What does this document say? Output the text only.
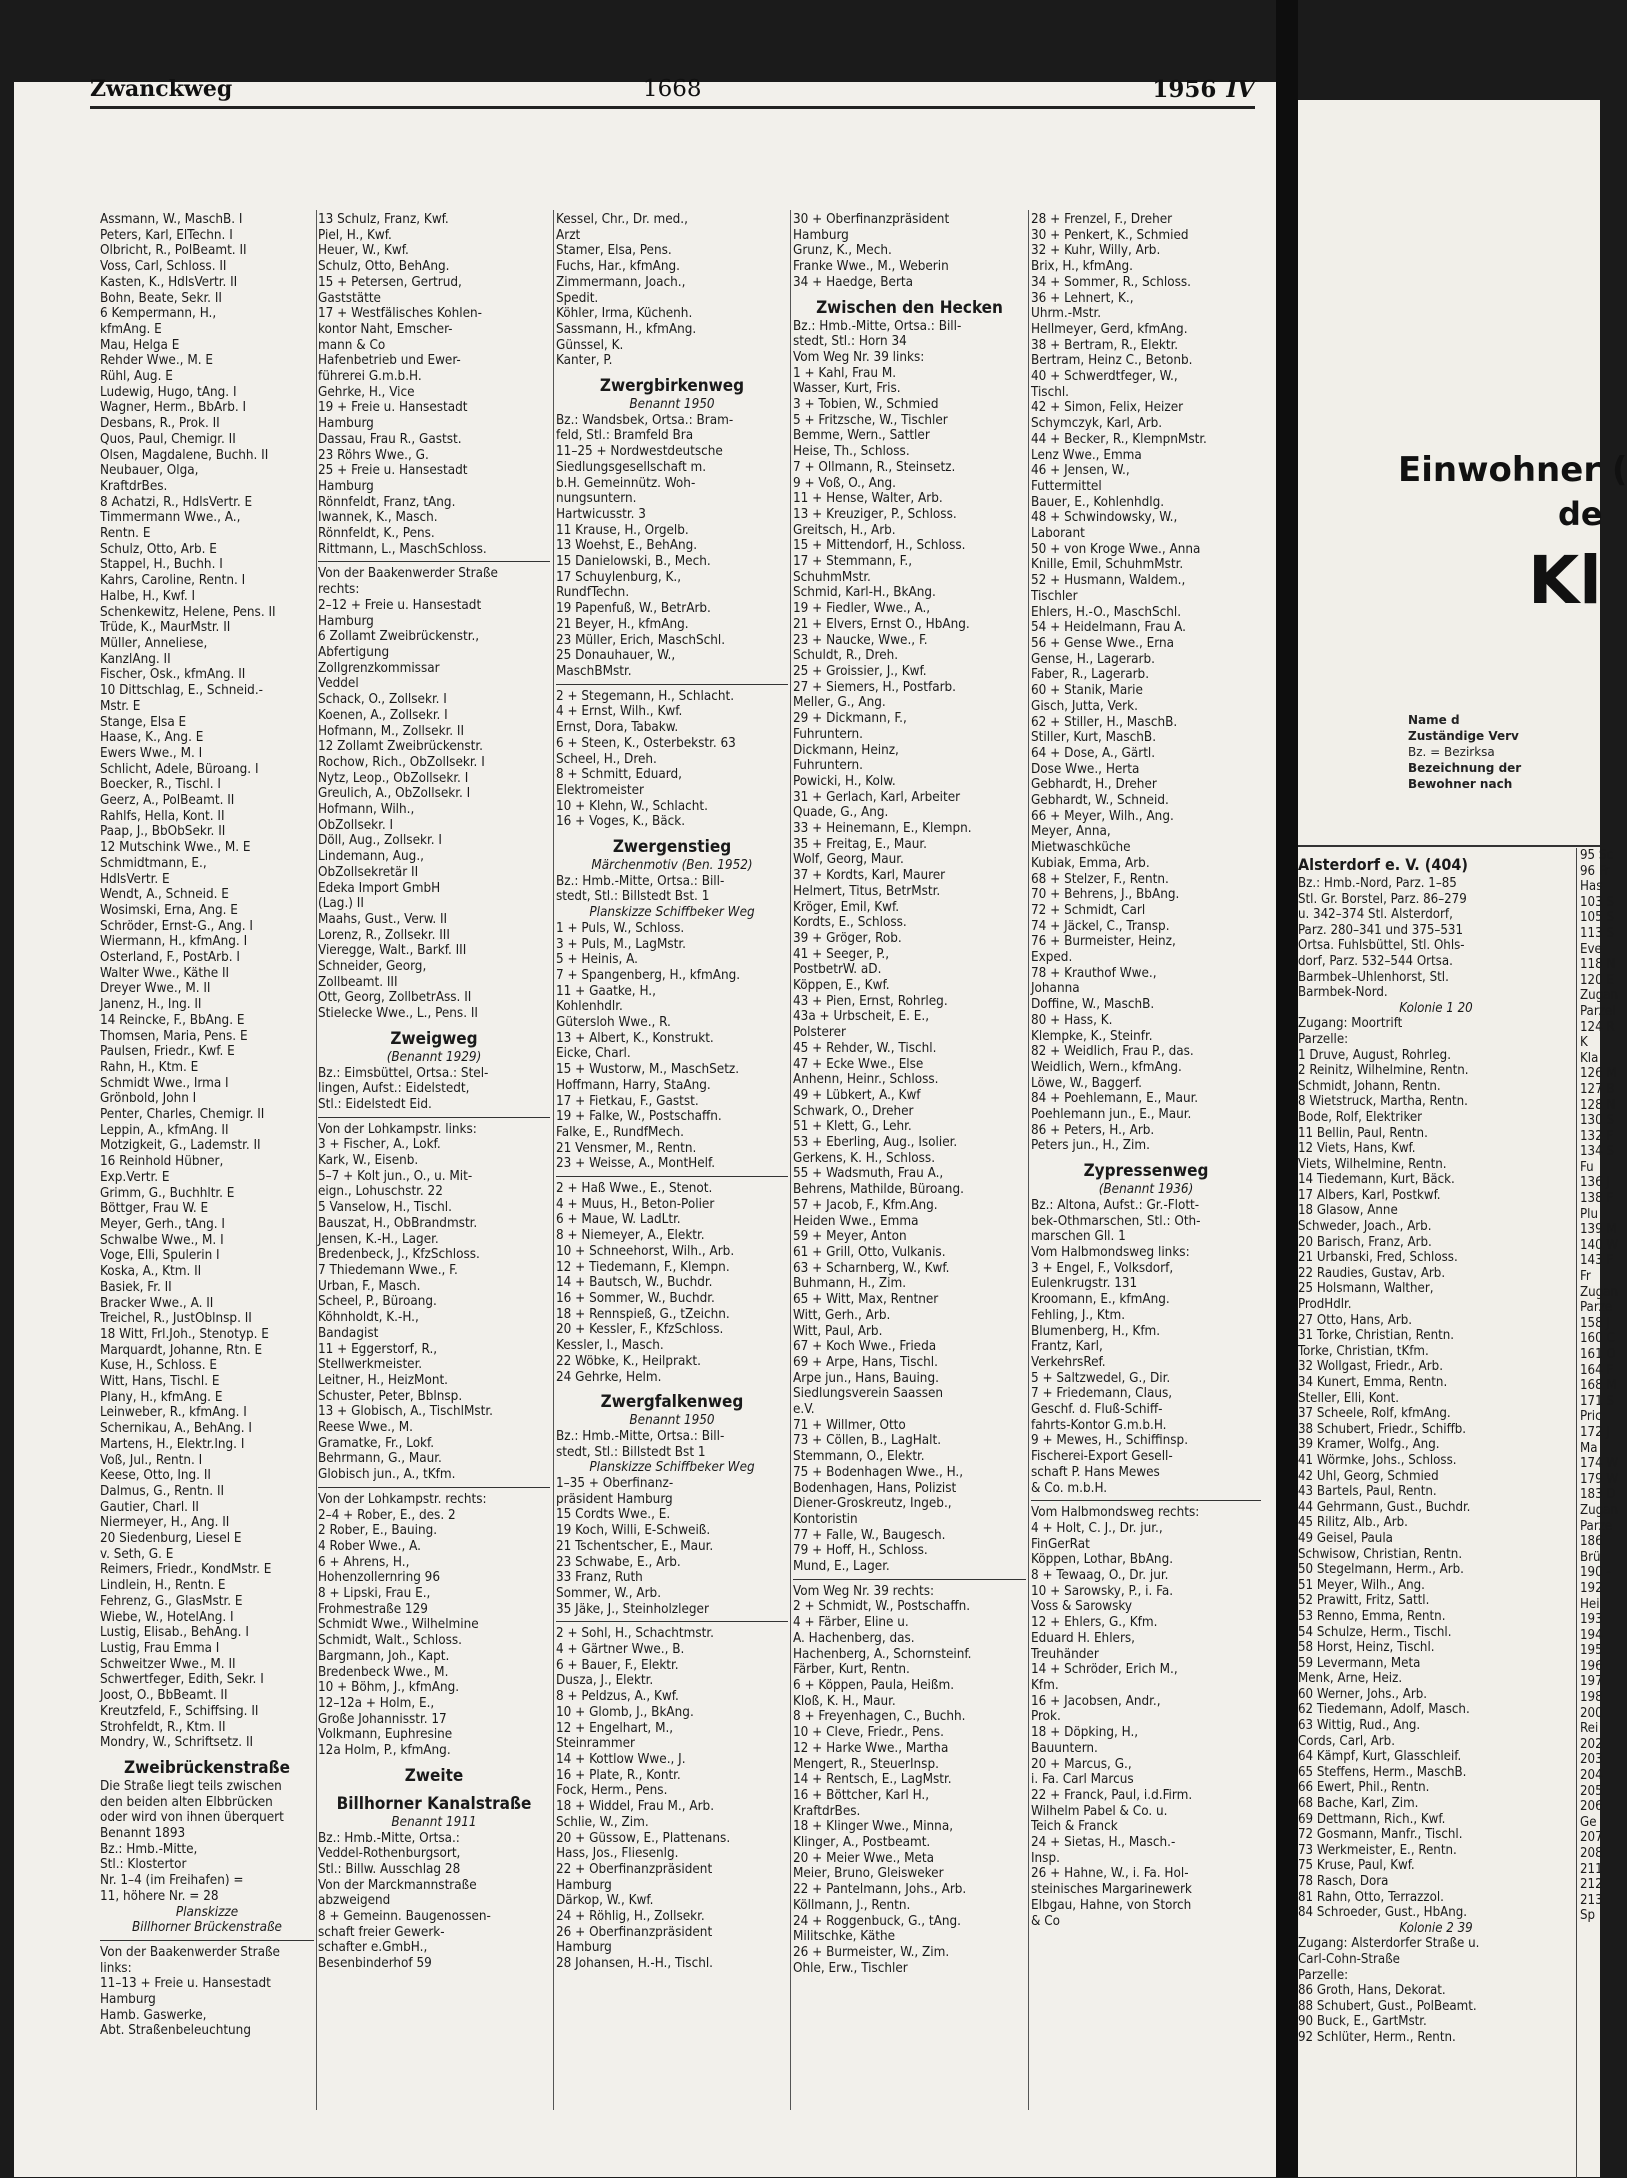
Zwanckweg	1668	1956 IV
Assmann, W., MaschB. I
Peters, Karl, ElTechn. I
Olbricht, R., PolBeamt. II
Voss, Carl, Schloss. II
Kasten, K., HdlsVertr. II
Bohn, Beate, Sekr. II
6 Kempermann, H.,
kfmAng. E
Mau, Helga E
Rehder Wwe., M. E
Rühl, Aug. E
Ludewig, Hugo, tAng. I
Wagner, Herm., BbArb. I
Desbans, R., Prok. II
Quos, Paul, Chemigr. II
Olsen, Magdalene, Buchh. II
Neubauer, Olga,
KraftdrBes.
8 Achatzi, R., HdlsVertr. E
Timmermann Wwe., A.,
Rentn. E
Schulz, Otto, Arb. E
Stappel, H., Buchh. I
Kahrs, Caroline, Rentn. I
Halbe, H., Kwf. I
Schenkewitz, Helene, Pens. II
Trüde, K., MaurMstr. II
Müller, Anneliese,
KanzlAng. II
Fischer, Osk., kfmAng. II
10 Dittschlag, E., Schneid.-
Mstr. E
Stange, Elsa E
Haase, K., Ang. E
Ewers Wwe., M. I
Schlicht, Adele, Büroang. I
Boecker, R., Tischl. I
Geerz, A., PolBeamt. II
Rahlfs, Hella, Kont. II
Paap, J., BbObSekr. II
12 Mutschink Wwe., M. E
Schmidtmann, E.,
HdlsVertr. E
Wendt, A., Schneid. E
Wosimski, Erna, Ang. E
Schröder, Ernst-G., Ang. I
Wiermann, H., kfmAng. I
Osterland, F., PostArb. I
Walter Wwe., Käthe II
Dreyer Wwe., M. II
Janenz, H., Ing. II
14 Reincke, F., BbAng. E
Thomsen, Maria, Pens. E
Paulsen, Friedr., Kwf. E
Rahn, H., Ktm. E
Schmidt Wwe., Irma I
Grönbold, John I
Penter, Charles, Chemigr. II
Leppin, A., kfmAng. II
Motzigkeit, G., Lademstr. II
16 Reinhold Hübner,
Exp.Vertr. E
Grimm, G., Buchhltr. E
Böttger, Frau W. E
Meyer, Gerh., tAng. I
Schwalbe Wwe., M. I
Voge, Elli, Spulerin I
Koska, A., Ktm. II
Basiek, Fr. II
Bracker Wwe., A. II
Treichel, R., JustOblnsp. II
18 Witt, Frl.Joh., Stenotyp. E
Marquardt, Johanne, Rtn. E
Kuse, H., Schloss. E
Witt, Hans, Tischl. E
Plany, H., kfmAng. E
Leinweber, R., kfmAng. I
Schernikau, A., BehAng. I
Martens, H., Elektr.Ing. I
Voß, Jul., Rentn. I
Keese, Otto, Ing. II
Dalmus, G., Rentn. II
Gautier, Charl. II
Niermeyer, H., Ang. II
20 Siedenburg, Liesel E
v. Seth, G. E
Reimers, Friedr., KondMstr. E
Lindlein, H., Rentn. E
Fehrenz, G., GlasMstr. E
Wiebe, W., HotelAng. I
Lustig, Elisab., BehAng. I
Lustig, Frau Emma I
Schweitzer Wwe., M. II
Schwertfeger, Edith, Sekr. I
Joost, O., BbBeamt. II
Kreutzfeld, F., Schiffsing. II
Strohfeldt, R., Ktm. II
Mondry, W., Schriftsetz. II
Zweibrückenstraße
Die Straße liegt teils zwischen
den beiden alten Elbbrücken
oder wird von ihnen überquert
Benannt 1893
Bz.: Hmb.-Mitte,
Stl.: Klostertor
Nr. 1–4 (im Freihafen) =
11, höhere Nr. = 28
Planskizze
Billhorner Brückenstraße
Von der Baakenwerder Straße
links:
11–13 + Freie u. Hansestadt
Hamburg
Hamb. Gaswerke,
Abt. Straßenbeleuchtung
13 Schulz, Franz, Kwf.
Piel, H., Kwf.
Heuer, W., Kwf.
Schulz, Otto, BehAng.
15 + Petersen, Gertrud,
Gaststätte
17 + Westfälisches Kohlen-
kontor Naht, Emscher-
mann & Co
Hafenbetrieb und Ewer-
führerei G.m.b.H.
Gehrke, H., Vice
19 + Freie u. Hansestadt
Hamburg
Dassau, Frau R., Gastst.
23 Röhrs Wwe., G.
25 + Freie u. Hansestadt
Hamburg
Rönnfeldt, Franz, tAng.
Iwannek, K., Masch.
Rönnfeldt, K., Pens.
Rittmann, L., MaschSchloss.
Von der Baakenwerder Straße
rechts:
2–12 + Freie u. Hansestadt
Hamburg
6 Zollamt Zweibrückenstr.,
Abfertigung
Zollgrenzkommissar
Veddel
Schack, O., Zollsekr. I
Koenen, A., Zollsekr. I
Hofmann, M., Zollsekr. II
12 Zollamt Zweibrückenstr.
Rochow, Rich., ObZollsekr. I
Nytz, Leop., ObZollsekr. I
Greulich, A., ObZollsekr. I
Hofmann, Wilh.,
ObZollsekr. I
Döll, Aug., Zollsekr. I
Lindemann, Aug.,
ObZollsekretär II
Edeka Import GmbH
(Lag.) II
Maahs, Gust., Verw. II
Lorenz, R., Zollsekr. III
Vieregge, Walt., Barkf. III
Schneider, Georg,
Zollbeamt. III
Ott, Georg, ZollbetrAss. II
Stielecke Wwe., L., Pens. II
Zweigweg
(Benannt 1929)
Bz.: Eimsbüttel, Ortsa.: Stel-
lingen, Aufst.: Eidelstedt,
Stl.: Eidelstedt Eid.
Von der Lohkampstr. links:
3 + Fischer, A., Lokf.
Kark, W., Eisenb.
5–7 + Kolt jun., O., u. Mit-
eign., Lohuschstr. 22
5 Vanselow, H., Tischl.
Bauszat, H., ObBrandmstr.
Jensen, K.-H., Lager.
Bredenbeck, J., KfzSchloss.
7 Thiedemann Wwe., F.
Urban, F., Masch.
Scheel, P., Büroang.
Köhnholdt, K.-H.,
Bandagist
11 + Eggerstorf, R.,
Stellwerkmeister.
Leitner, H., HeizMont.
Schuster, Peter, Bblnsp.
13 + Globisch, A., TischlMstr.
Reese Wwe., M.
Gramatke, Fr., Lokf.
Behrmann, G., Maur.
Globisch jun., A., tKfm.
Von der Lohkampstr. rechts:
2–4 + Rober, E., des. 2
2 Rober, E., Bauing.
4 Rober Wwe., A.
6 + Ahrens, H.,
Hohenzollernring 96
8 + Lipski, Frau E.,
Frohmestraße 129
Schmidt Wwe., Wilhelmine
Schmidt, Walt., Schloss.
Bargmann, Joh., Kapt.
Bredenbeck Wwe., M.
10 + Böhm, J., kfmAng.
12–12a + Holm, E.,
Große Johannisstr. 17
Volkmann, Euphresine
12a Holm, P., kfmAng.
Zweite
Billhorner Kanalstraße
Benannt 1911
Bz.: Hmb.-Mitte, Ortsa.:
Veddel-Rothenburgsort,
Stl.: Billw. Ausschlag 28
Von der Marckmannstraße
abzweigend
8 + Gemeinn. Baugenossen-
schaft freier Gewerk-
schafter e.GmbH.,
Besenbinderhof 59
Kessel, Chr., Dr. med.,
Arzt
Stamer, Elsa, Pens.
Fuchs, Har., kfmAng.
Zimmermann, Joach.,
Spedit.
Köhler, Irma, Küchenh.
Sassmann, H., kfmAng.
Günssel, K.
Kanter, P.
Zwergbirkenweg
Benannt 1950
Bz.: Wandsbek, Ortsa.: Bram-
feld, Stl.: Bramfeld Bra
11–25 + Nordwestdeutsche
Siedlungsgesellschaft m.
b.H. Gemeinnütz. Woh-
nungsuntern.
Hartwicusstr. 3
11 Krause, H., Orgelb.
13 Woehst, E., BehAng.
15 Danielowski, B., Mech.
17 Schuylenburg, K.,
RundfTechn.
19 Papenfuß, W., BetrArb.
21 Beyer, H., kfmAng.
23 Müller, Erich, MaschSchl.
25 Donauhauer, W.,
MaschBMstr.
2 + Stegemann, H., Schlacht.
4 + Ernst, Wilh., Kwf.
Ernst, Dora, Tabakw.
6 + Steen, K., Osterbekstr. 63
Scheel, H., Dreh.
8 + Schmitt, Eduard,
Elektromeister
10 + Klehn, W., Schlacht.
16 + Voges, K., Bäck.
Zwergenstieg
Märchenmotiv (Ben. 1952)
Bz.: Hmb.-Mitte, Ortsa.: Bill-
stedt, Stl.: Billstedt Bst. 1
Planskizze Schiffbeker Weg
1 + Puls, W., Schloss.
3 + Puls, M., LagMstr.
5 + Heinis, A.
7 + Spangenberg, H., kfmAng.
11 + Gaatke, H.,
Kohlenhdlr.
Gütersloh Wwe., R.
13 + Albert, K., Konstrukt.
Eicke, Charl.
15 + Wustorw, M., MaschSetz.
Hoffmann, Harry, StaAng.
17 + Fietkau, F., Gastst.
19 + Falke, W., Postschaffn.
Falke, E., RundfMech.
21 Vensmer, M., Rentn.
23 + Weisse, A., MontHelf.
2 + Haß Wwe., E., Stenot.
4 + Muus, H., Beton-Polier
6 + Maue, W. LadLtr.
8 + Niemeyer, A., Elektr.
10 + Schneehorst, Wilh., Arb.
12 + Tiedemann, F., Klempn.
14 + Bautsch, W., Buchdr.
16 + Sommer, W., Buchdr.
18 + Rennspieß, G., tZeichn.
20 + Kessler, F., KfzSchloss.
Kessler, I., Masch.
22 Wöbke, K., Heilprakt.
24 Gehrke, Helm.
Zwergfalkenweg
Benannt 1950
Bz.: Hmb.-Mitte, Ortsa.: Bill-
stedt, Stl.: Billstedt Bst 1
Planskizze Schiffbeker Weg
1–35 + Oberfinanz-
präsident Hamburg
15 Cordts Wwe., E.
19 Koch, Willi, E-Schweiß.
21 Tschentscher, E., Maur.
23 Schwabe, E., Arb.
33 Franz, Ruth
Sommer, W., Arb.
35 Jäke, J., Steinholzleger
2 + Sohl, H., Schachtmstr.
4 + Gärtner Wwe., B.
6 + Bauer, F., Elektr.
Dusza, J., Elektr.
8 + Peldzus, A., Kwf.
10 + Glomb, J., BkAng.
12 + Engelhart, M.,
Steinrammer
14 + Kottlow Wwe., J.
16 + Plate, R., Kontr.
Fock, Herm., Pens.
18 + Widdel, Frau M., Arb.
Schlie, W., Zim.
20 + Güssow, E., Plattenans.
Hass, Jos., Fliesenlg.
22 + Oberfinanzpräsident
Hamburg
Därkop, W., Kwf.
24 + Röhlig, H., Zollsekr.
26 + Oberfinanzpräsident
Hamburg
28 Johansen, H.-H., Tischl.
30 + Oberfinanzpräsident
Hamburg
Grunz, K., Mech.
Franke Wwe., M., Weberin
34 + Haedge, Berta
Zwischen den Hecken
Bz.: Hmb.-Mitte, Ortsa.: Bill-
stedt, Stl.: Horn 34
Vom Weg Nr. 39 links:
1 + Kahl, Frau M.
Wasser, Kurt, Fris.
3 + Tobien, W., Schmied
5 + Fritzsche, W., Tischler
Bemme, Wern., Sattler
Heise, Th., Schloss.
7 + Ollmann, R., Steinsetz.
9 + Voß, O., Ang.
11 + Hense, Walter, Arb.
13 + Kreuziger, P., Schloss.
Greitsch, H., Arb.
15 + Mittendorf, H., Schloss.
17 + Stemmann, F.,
SchuhmMstr.
Schmid, Karl-H., BkAng.
19 + Fiedler, Wwe., A.,
21 + Elvers, Ernst O., HbAng.
23 + Naucke, Wwe., F.
Schuldt, R., Dreh.
25 + Groissier, J., Kwf.
27 + Siemers, H., Postfarb.
Meller, G., Ang.
29 + Dickmann, F.,
Fuhruntern.
Dickmann, Heinz,
Fuhruntern.
Powicki, H., Kolw.
31 + Gerlach, Karl, Arbeiter
Quade, G., Ang.
33 + Heinemann, E., Klempn.
35 + Freitag, E., Maur.
Wolf, Georg, Maur.
37 + Kordts, Karl, Maurer
Helmert, Titus, BetrMstr.
Kröger, Emil, Kwf.
Kordts, E., Schloss.
39 + Gröger, Rob.
41 + Seeger, P.,
PostbetrW. aD.
Köppen, E., Kwf.
43 + Pien, Ernst, Rohrleg.
43a + Urbscheit, E. E.,
Polsterer
45 + Rehder, W., Tischl.
47 + Ecke Wwe., Else
Anhenn, Heinr., Schloss.
49 + Lübkert, A., Kwf
Schwark, O., Dreher
51 + Klett, G., Lehr.
53 + Eberling, Aug., Isolier.
Gerkens, K. H., Schloss.
55 + Wadsmuth, Frau A.,
Behrens, Mathilde, Büroang.
57 + Jacob, F., Kfm.Ang.
Heiden Wwe., Emma
59 + Meyer, Anton
61 + Grill, Otto, Vulkanis.
63 + Scharnberg, W., Kwf.
Buhmann, H., Zim.
65 + Witt, Max, Rentner
Witt, Gerh., Arb.
Witt, Paul, Arb.
67 + Koch Wwe., Frieda
69 + Arpe, Hans, Tischl.
Arpe jun., Hans, Bauing.
Siedlungsverein Saassen
e.V.
71 + Willmer, Otto
73 + Cöllen, B., LagHalt.
Stemmann, O., Elektr.
75 + Bodenhagen Wwe., H.,
Bodenhagen, Hans, Polizist
Diener-Groskreutz, Ingeb.,
Kontoristin
77 + Falle, W., Baugesch.
79 + Hoff, H., Schloss.
Mund, E., Lager.
Vom Weg Nr. 39 rechts:
2 + Schmidt, W., Postschaffn.
4 + Färber, Eline u.
A. Hachenberg, das.
Hachenberg, A., Schornsteinf.
Färber, Kurt, Rentn.
6 + Köppen, Paula, Heißm.
Kloß, K. H., Maur.
8 + Freyenhagen, C., Buchh.
10 + Cleve, Friedr., Pens.
12 + Harke Wwe., Martha
Mengert, R., SteuerInsp.
14 + Rentsch, E., LagMstr.
16 + Böttcher, Karl H.,
KraftdrBes.
18 + Klinger Wwe., Minna,
Klinger, A., Postbeamt.
20 + Meier Wwe., Meta
Meier, Bruno, Gleisweker
22 + Pantelmann, Johs., Arb.
Köllmann, J., Rentn.
24 + Roggenbuck, G., tAng.
Militschke, Käthe
26 + Burmeister, W., Zim.
Ohle, Erw., Tischler
28 + Frenzel, F., Dreher
30 + Penkert, K., Schmied
32 + Kuhr, Willy, Arb.
Brix, H., kfmAng.
34 + Sommer, R., Schloss.
36 + Lehnert, K.,
Uhrm.-Mstr.
Hellmeyer, Gerd, kfmAng.
38 + Bertram, R., Elektr.
Bertram, Heinz C., Betonb.
40 + Schwerdtfeger, W.,
Tischl.
42 + Simon, Felix, Heizer
Schymczyk, Karl, Arb.
44 + Becker, R., KlempnMstr.
Lenz Wwe., Emma
46 + Jensen, W.,
Futtermittel
Bauer, E., Kohlenhdlg.
48 + Schwindowsky, W.,
Laborant
50 + von Kroge Wwe., Anna
Knille, Emil, SchuhmMstr.
52 + Husmann, Waldem.,
Tischler
Ehlers, H.-O., MaschSchl.
54 + Heidelmann, Frau A.
56 + Gense Wwe., Erna
Gense, H., Lagerarb.
Faber, R., Lagerarb.
60 + Stanik, Marie
Gisch, Jutta, Verk.
62 + Stiller, H., MaschB.
Stiller, Kurt, MaschB.
64 + Dose, A., Gärtl.
Dose Wwe., Herta
Gebhardt, H., Dreher
Gebhardt, W., Schneid.
66 + Meyer, Wilh., Ang.
Meyer, Anna,
Mietwaschküche
Kubiak, Emma, Arb.
68 + Stelzer, F., Rentn.
70 + Behrens, J., BbAng.
72 + Schmidt, Carl
74 + Jäckel, C., Transp.
76 + Burmeister, Heinz,
Exped.
78 + Krauthof Wwe.,
Johanna
Doffine, W., MaschB.
80 + Hass, K.
Klempke, K., Steinfr.
82 + Weidlich, Frau P., das.
Weidlich, Wern., kfmAng.
Löwe, W., Baggerf.
84 + Poehlemann, E., Maur.
Poehlemann jun., E., Maur.
86 + Peters, H., Arb.
Peters jun., H., Zim.
Zypressenweg
(Benannt 1936)
Bz.: Altona, Aufst.: Gr.-Flott-
bek-Othmarschen, Stl.: Oth-
marschen Gll. 1
Vom Halbmondsweg links:
3 + Engel, F., Volksdorf,
Eulenkrugstr. 131
Kroomann, E., kfmAng.
Fehling, J., Ktm.
Blumenberg, H., Kfm.
Frantz, Karl,
VerkehrsRef.
5 + Saltzwedel, G., Dir.
7 + Friedemann, Claus,
Geschf. d. Fluß-Schiff-
fahrts-Kontor G.m.b.H.
9 + Mewes, H., Schiffinsp.
Fischerei-Export Gesell-
schaft P. Hans Mewes
& Co. m.b.H.
Vom Halbmondsweg rechts:
4 + Holt, C. J., Dr. jur.,
FinGerRat
Köppen, Lothar, BbAng.
8 + Tewaag, O., Dr. jur.
10 + Sarowsky, P., i. Fa.
Voss & Sarowsky
12 + Ehlers, G., Kfm.
Eduard H. Ehlers,
Treuhänder
14 + Schröder, Erich M.,
Kfm.
16 + Jacobsen, Andr.,
Prok.
18 + Döpking, H.,
Bauuntern.
20 + Marcus, G.,
i. Fa. Carl Marcus
22 + Franck, Paul, i.d.Firm.
Wilhelm Pabel & Co. u.
Teich & Franck
24 + Sietas, H., Masch.-
Insp.
26 + Hahne, W., i. Fa. Hol-
steinisches Margarinewerk
Elbgau, Hahne, von Storch
& Co
Einwohner (
de
Kl
Name d
Zuständige Verv
Bz. = Bezirksa
Bezeichnung der
Bewohner nach
Alsterdorf e. V. (404)
Bz.: Hmb.-Nord, Parz. 1–85
Stl. Gr. Borstel, Parz. 86–279
u. 342–374 Stl. Alsterdorf,
Parz. 280–341 und 375–531
Ortsa. Fuhlsbüttel, Stl. Ohls-
dorf, Parz. 532–544 Ortsa.
Barmbek–Uhlenhorst, Stl.
Barmbek-Nord.
Kolonie 1 20
Zugang: Moortrift
Parzelle:
1 Druve, August, Rohrleg.
2 Reinitz, Wilhelmine, Rentn.
Schmidt, Johann, Rentn.
8 Wietstruck, Martha, Rentn.
Bode, Rolf, Elektriker
11 Bellin, Paul, Rentn.
12 Viets, Hans, Kwf.
Viets, Wilhelmine, Rentn.
14 Tiedemann, Kurt, Bäck.
17 Albers, Karl, Postkwf.
18 Glasow, Anne
Schweder, Joach., Arb.
20 Barisch, Franz, Arb.
21 Urbanski, Fred, Schloss.
22 Raudies, Gustav, Arb.
25 Holsmann, Walther,
ProdHdlr.
27 Otto, Hans, Arb.
31 Torke, Christian, Rentn.
Torke, Christian, tKfm.
32 Wollgast, Friedr., Arb.
34 Kunert, Emma, Rentn.
Steller, Elli, Kont.
37 Scheele, Rolf, kfmAng.
38 Schubert, Friedr., Schiffb.
39 Kramer, Wolfg., Ang.
41 Wörmke, Johs., Schloss.
42 Uhl, Georg, Schmied
43 Bartels, Paul, Rentn.
44 Gehrmann, Gust., Buchdr.
45 Rilitz, Alb., Arb.
49 Geisel, Paula
Schwisow, Christian, Rentn.
50 Stegelmann, Herm., Arb.
51 Meyer, Wilh., Ang.
52 Prawitt, Fritz, Sattl.
53 Renno, Emma, Rentn.
54 Schulze, Herm., Tischl.
58 Horst, Heinz, Tischl.
59 Levermann, Meta
Menk, Arne, Heiz.
60 Werner, Johs., Arb.
62 Tiedemann, Adolf, Masch.
63 Wittig, Rud., Ang.
Cords, Carl, Arb.
64 Kämpf, Kurt, Glasschleif.
65 Steffens, Herm., MaschB.
66 Ewert, Phil., Rentn.
68 Bache, Karl, Zim.
69 Dettmann, Rich., Kwf.
72 Gosmann, Manfr., Tischl.
73 Werkmeister, E., Rentn.
75 Kruse, Paul, Kwf.
78 Rasch, Dora
81 Rahn, Otto, Terrazzol.
84 Schroeder, Gust., HbAng.
Kolonie 2 39
Zugang: Alsterdorfer Straße u.
Carl-Cohn-Straße
Parzelle:
86 Groth, Hans, Dekorat.
88 Schubert, Gust., PolBeamt.
90 Buck, E., GartMstr.
92 Schlüter, Herm., Rentn.
95 Sc
96 Fr
Has
103 S
105 S
113 S
Eve
118 N
120 E
Zugan
Parzel
124 R
K
Kla
126 M
127 B
128 N
130 S
132 F
134 S
Fu
136 J
138 F
Plu
139 M
140 W
143 F
Fr
Zugan
Parze
158 J
160 C
161 O
164 F
168 M
171 S
Pric
172 J
Ma
174 W
179 W
183 D
Zugan
Parze
186
Brü
190 -
192
Hei
193
194
195
196
197
198
200
Rei
202
203
204
205
206
Ge
207
208
211
212
213
Sp
